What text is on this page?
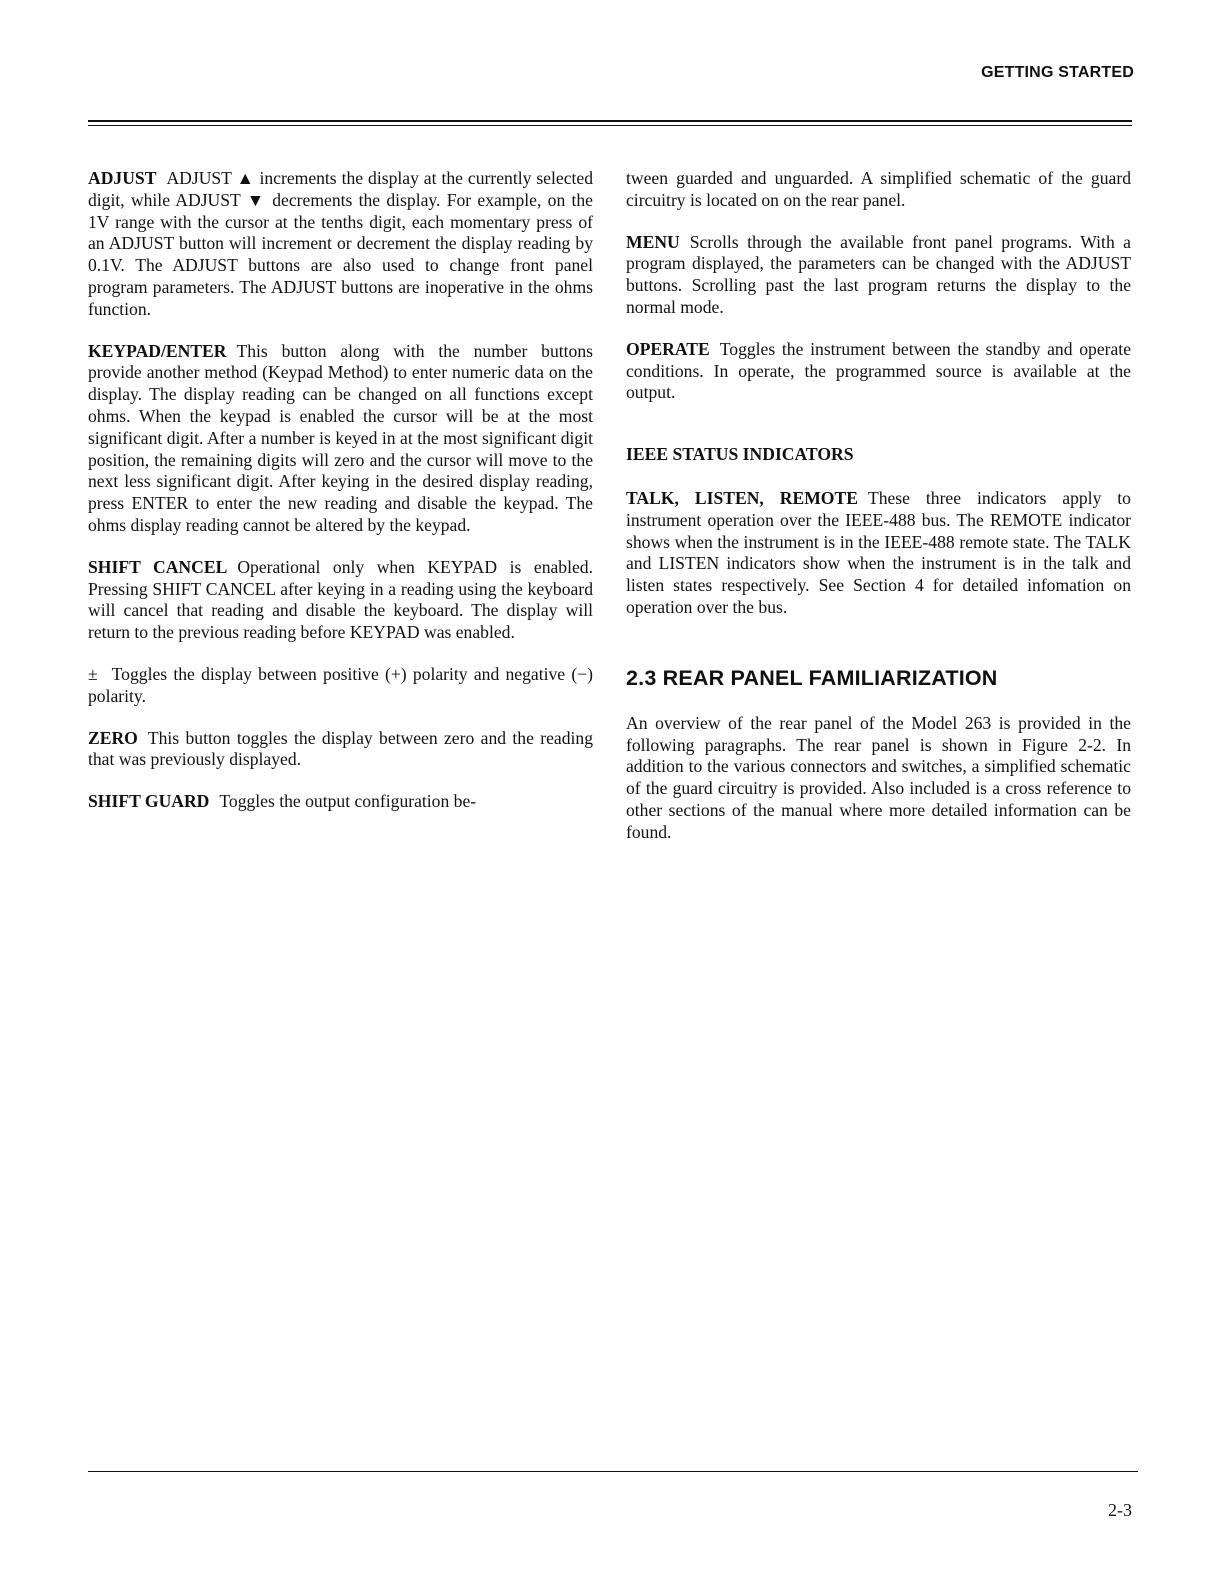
GETTING STARTED

ADJUST ADJUST ▲ increments the display at the currently selected digit, while ADJUST ▼ decrements the display. For example, on the 1V range with the cursor at the tenths digit, each momentary press of an ADJUST button will increment or decrement the display reading by 0.1V. The ADJUST buttons are also used to change front panel program parameters. The ADJUST buttons are inoperative in the ohms function.

KEYPAD/ENTER This button along with the number buttons provide another method (Keypad Method) to enter numeric data on the display. The display reading can be changed on all functions except ohms. When the keypad is enabled the cursor will be at the most significant digit. After a number is keyed in at the most significant digit position, the remaining digits will zero and the cursor will move to the next less significant digit. After keying in the desired display reading, press ENTER to enter the new reading and disable the keypad. The ohms display reading cannot be altered by the keypad.

SHIFT CANCEL Operational only when KEYPAD is enabled. Pressing SHIFT CANCEL after keying in a reading using the keyboard will cancel that reading and disable the keyboard. The display will return to the previous reading before KEYPAD was enabled.

± Toggles the display between positive (+) polarity and negative (−) polarity.

ZERO This button toggles the display between zero and the reading that was previously displayed.

SHIFT GUARD Toggles the output configuration be-

tween guarded and unguarded. A simplified schematic of the guard circuitry is located on on the rear panel.

MENU Scrolls through the available front panel programs. With a program displayed, the parameters can be changed with the ADJUST buttons. Scrolling past the last program returns the display to the normal mode.

OPERATE Toggles the instrument between the standby and operate conditions. In operate, the programmed source is available at the output.

IEEE STATUS INDICATORS

TALK, LISTEN, REMOTE These three indicators apply to instrument operation over the IEEE-488 bus. The REMOTE indicator shows when the instrument is in the IEEE-488 remote state. The TALK and LISTEN indicators show when the instrument is in the talk and listen states respectively. See Section 4 for detailed infomation on operation over the bus.

2.3 REAR PANEL FAMILIARIZATION

An overview of the rear panel of the Model 263 is provided in the following paragraphs. The rear panel is shown in Figure 2-2. In addition to the various connectors and switches, a simplified schematic of the guard circuitry is provided. Also included is a cross reference to other sections of the manual where more detailed information can be found.

2-3
